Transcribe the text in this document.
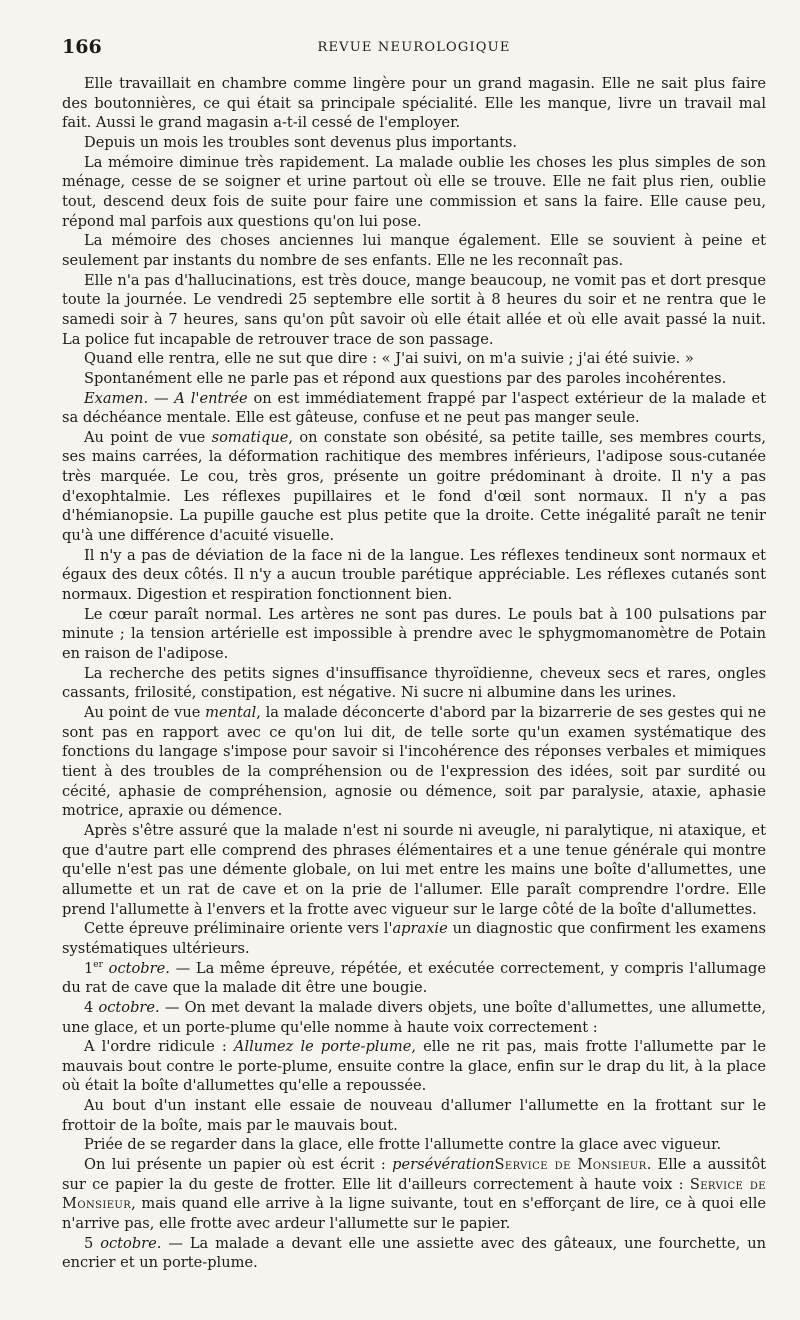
166	REVUE NEUROLOGIQUE

Elle travaillait en chambre comme lingère pour un grand magasin. Elle ne sait plus faire des boutonnières, ce qui était sa principale spécialité. Elle les manque, livre un travail mal fait. Aussi le grand magasin a-t-il cessé de l'employer.

Depuis un mois les troubles sont devenus plus importants.

La mémoire diminue très rapidement. La malade oublie les choses les plus simples de son ménage, cesse de se soigner et urine partout où elle se trouve. Elle ne fait plus rien, oublie tout, descend deux fois de suite pour faire une commission et sans la faire. Elle cause peu, répond mal parfois aux questions qu'on lui pose.

La mémoire des choses anciennes lui manque également. Elle se souvient à peine et seulement par instants du nombre de ses enfants. Elle ne les reconnaît pas.

Elle n'a pas d'hallucinations, est très douce, mange beaucoup, ne vomit pas et dort presque toute la journée. Le vendredi 25 septembre elle sortit à 8 heures du soir et ne rentra que le samedi soir à 7 heures, sans qu'on pût savoir où elle était allée et où elle avait passé la nuit. La police fut incapable de retrouver trace de son passage.

Quand elle rentra, elle ne sut que dire : « J'ai suivi, on m'a suivie ; j'ai été suivie. »

Spontanément elle ne parle pas et répond aux questions par des paroles incohérentes.

Examen. — A l'entrée on est immédiatement frappé par l'aspect extérieur de la malade et sa déchéance mentale. Elle est gâteuse, confuse et ne peut pas manger seule.

Au point de vue somatique, on constate son obésité, sa petite taille, ses membres courts, ses mains carrées, la déformation rachitique des membres inférieurs, l'adipose sous-cutanée très marquée. Le cou, très gros, présente un goitre prédominant à droite. Il n'y a pas d'exophtalmie. Les réflexes pupillaires et le fond d'œil sont normaux. Il n'y a pas d'hémianopsie. La pupille gauche est plus petite que la droite. Cette inégalité paraît ne tenir qu'à une différence d'acuité visuelle.

Il n'y a pas de déviation de la face ni de la langue. Les réflexes tendineux sont normaux et égaux des deux côtés. Il n'y a aucun trouble parétique appréciable. Les réflexes cutanés sont normaux. Digestion et respiration fonctionnent bien.

Le cœur paraît normal. Les artères ne sont pas dures. Le pouls bat à 100 pulsations par minute ; la tension artérielle est impossible à prendre avec le sphygmomanomètre de Potain en raison de l'adipose.

La recherche des petits signes d'insuffisance thyroïdienne, cheveux secs et rares, ongles cassants, frilosité, constipation, est négative. Ni sucre ni albumine dans les urines.

Au point de vue mental, la malade déconcerte d'abord par la bizarrerie de ses gestes qui ne sont pas en rapport avec ce qu'on lui dit, de telle sorte qu'un examen systématique des fonctions du langage s'impose pour savoir si l'incohérence des réponses verbales et mimiques tient à des troubles de la compréhension ou de l'expression des idées, soit par surdité ou cécité, aphasie de compréhension, agnosie ou démence, soit par paralysie, ataxie, aphasie motrice, apraxie ou démence.

Après s'être assuré que la malade n'est ni sourde ni aveugle, ni paralytique, ni ataxique, et que d'autre part elle comprend des phrases élémentaires et a une tenue générale qui montre qu'elle n'est pas une démente globale, on lui met entre les mains une boîte d'allumettes, une allumette et un rat de cave et on la prie de l'allumer. Elle paraît comprendre l'ordre. Elle prend l'allumette à l'envers et la frotte avec vigueur sur le large côté de la boîte d'allumettes.

Cette épreuve préliminaire oriente vers l'apraxie un diagnostic que confirment les examens systématiques ultérieurs.

1er octobre. — La même épreuve, répétée, et exécutée correctement, y compris l'allumage du rat de cave que la malade dit être une bougie.

4 octobre. — On met devant la malade divers objets, une boîte d'allumettes, une allumette, une glace, et un porte-plume qu'elle nomme à haute voix correctement :

A l'ordre ridicule : Allumez le porte-plume, elle ne rit pas, mais frotte l'allumette par le mauvais bout contre le porte-plume, ensuite contre la glace, enfin sur le drap du lit, à la place où était la boîte d'allumettes qu'elle a repoussée.

Au bout d'un instant elle essaie de nouveau d'allumer l'allumette en la frottant sur le frottoir de la boîte, mais par le mauvais bout.

Priée de se regarder dans la glace, elle frotte l'allumette contre la glace avec vigueur.

On lui présente un papier où est écrit : persévérationService de Monsieur. Elle a aussitôt sur ce papier la du geste de frotter. Elle lit d'ailleurs correctement à haute voix : Service de Monsieur, mais quand elle arrive à la ligne suivante, tout en s'efforçant de lire, ce à quoi elle n'arrive pas, elle frotte avec ardeur l'allumette sur le papier.

5 octobre. — La malade a devant elle une assiette avec des gâteaux, une fourchette, un encrier et un porte-plume.
